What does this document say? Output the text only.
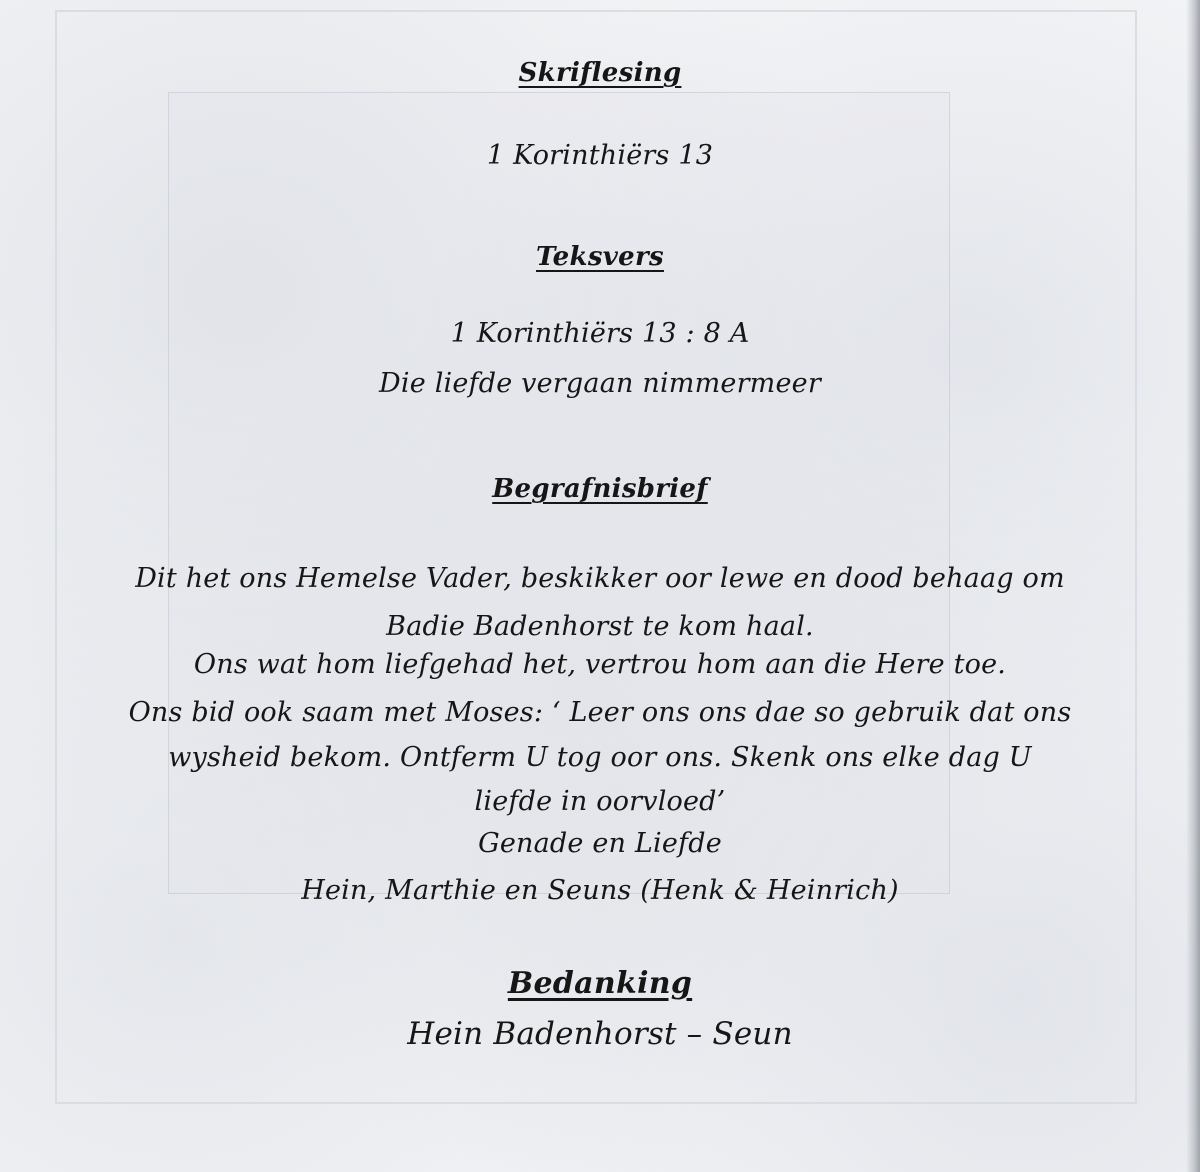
Skriflesing
1 Korinthiërs 13
Teksvers
1 Korinthiërs 13 : 8 A
Die liefde vergaan nimmermeer
Begrafnisbrief
Dit het ons Hemelse Vader, beskikker oor lewe en dood behaag om
Badie Badenhorst te kom haal.
Ons wat hom liefgehad het, vertrou hom aan die Here toe.
Ons bid ook saam met Moses: ‘ Leer ons ons dae so gebruik dat ons
wysheid bekom. Ontferm U tog oor ons. Skenk ons elke dag U
liefde in oorvloed’
Genade en Liefde
Hein, Marthie en Seuns (Henk & Heinrich)
Bedanking
Hein Badenhorst – Seun
